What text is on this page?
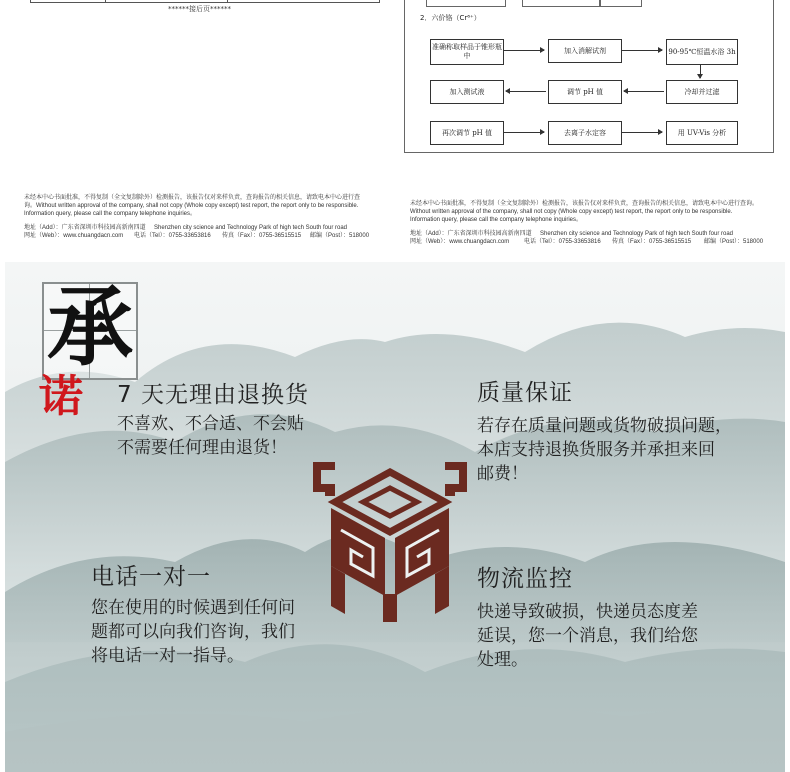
******接后页******
未经本中心书面批准，不得复制（全文复制除外）检测报告，该报告仅对来样负责，查询报告的相关信息，请致电本中心进行查询。Without written approval of the company, shall not copy (Whole copy except) test report, the report only to be responsible. Information query, please call the company telephone inquiries。
地址（Add）：广东省深圳市科技园高新南四道 Shenzhen city science and Technology Park of high tech South four road
网址（Web）：www.chuangdacn.com 电话（Tel）：0755-33653816 传真（Fax）：0755-36515515 邮编（Post）：518000
2．六价铬（Cr⁶⁺）
准确称取样品于锥形瓶中
加入消解试剂	90-95℃恒温水浴 3h
加入测试液	调节 pH 值	冷却并过滤
再次调节 pH 值	去离子水定容	用 UV-Vis 分析
未经本中心书面批准，不得复制（全文复制除外）检测报告，该报告仅对来样负责，查询报告的相关信息，请致电本中心进行查询。Without written approval of the company, shall not copy (Whole copy except) test report, the report only to be responsible. Information query, please call the company telephone inquiries。
地址（Add）：广东省深圳市科技园高新南四道 Shenzhen city science and Technology Park of high tech South four road
网址（Web）：www.chuangdacn.com 电话（Tel）：0755-33653816 传真（Fax）：0755-36515515 邮编（Post）：518000
承
诺 7 天无理由退换货
不喜欢、不合适、不会贴
不需要任何理由退货！
质量保证
若存在质量问题或货物破损问题，
本店支持退换货服务并承担来回
邮费！
电话一对一
您在使用的时候遇到任何问
题都可以向我们咨询，我们
将电话一对一指导。
物流监控
快递导致破损，快递员态度差
延误，您一个消息，我们给您
处理。
